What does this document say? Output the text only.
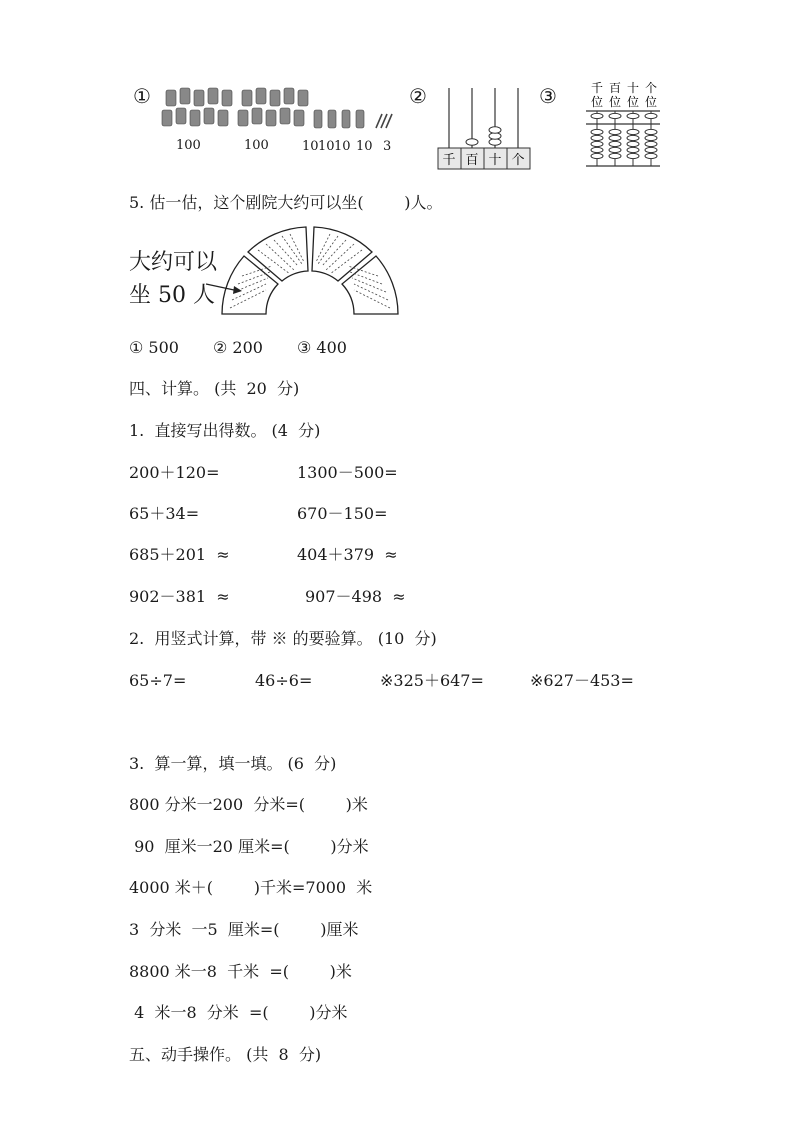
①
100	100	10 10 10 10 3
②
千 百 十 个
③	千 百 十 个
位 位 位 位
5. 估一估，这个剧院大约可以坐(        )人。
大约可以
坐 50 人
① 500 ② 200 ③ 400
四、计算。 (共  20  分)
1.  直接写出得数。 (4  分)
200＋120=	1300－500=
65＋34=	670－150=
685＋201  ≈	404＋379  ≈
902－381  ≈	907－498  ≈
2.  用竖式计算，带 ※ 的要验算。 (10  分)
65÷7=	46÷6=	※325＋647=	※627－453=
3.  算一算，填一填。 (6  分)
800 分米一200  分米=(        )米
90  厘米一20 厘米=(        )分米
4000 米＋(        )千米=7000  米
3  分米  一5  厘米=(        )厘米
8800 米一8  千米  =(        )米
4  米一8  分米  =(        )分米
五、动手操作。 (共  8  分)
